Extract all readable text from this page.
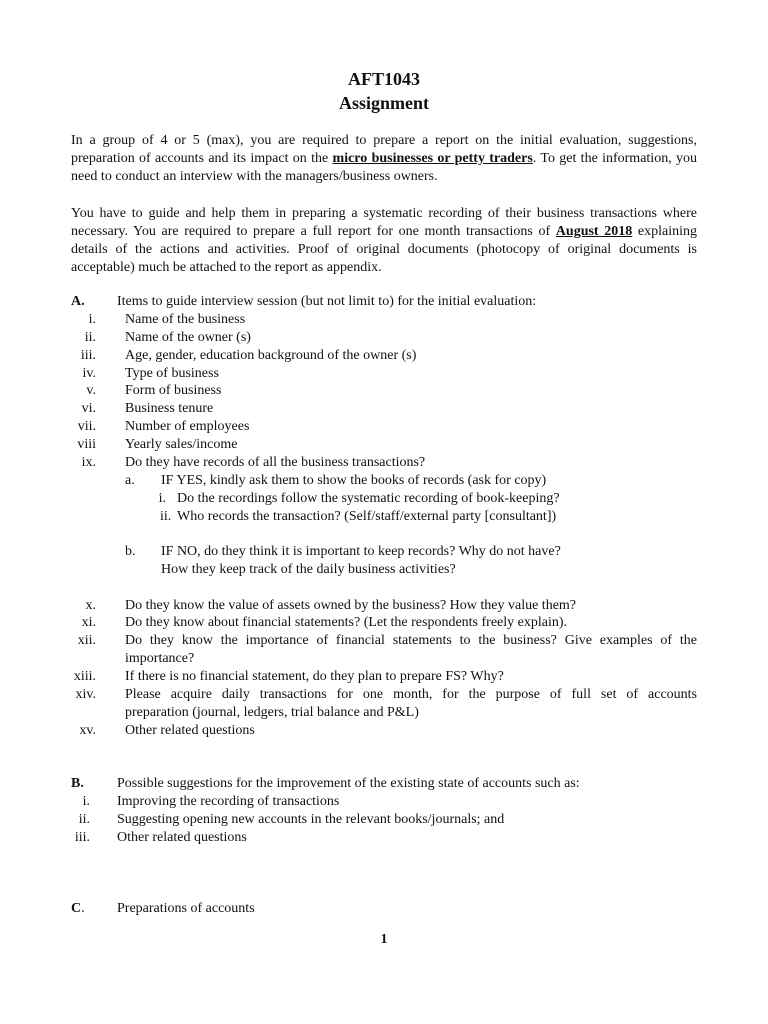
AFT1043
Assignment
In a group of 4 or 5 (max), you are required to prepare a report on the initial evaluation, suggestions, preparation of accounts and its impact on the micro businesses or petty traders. To get the information, you need to conduct an interview with the managers/business owners.
You have to guide and help them in preparing a systematic recording of their business transactions where necessary. You are required to prepare a full report for one month transactions of August 2018 explaining details of the actions and activities. Proof of original documents (photocopy of original documents is acceptable) much be attached to the report as appendix.
A. Items to guide interview session (but not limit to) for the initial evaluation:
i. Name of the business
ii. Name of the owner (s)
iii. Age, gender, education background of the owner (s)
iv. Type of business
v. Form of business
vi. Business tenure
vii. Number of employees
viii Yearly sales/income
ix. Do they have records of all the business transactions?
a. IF YES, kindly ask them to show the books of records (ask for copy)
i. Do the recordings follow the systematic recording of book-keeping?
ii. Who records the transaction? (Self/staff/external party [consultant])
b. IF NO, do they think it is important to keep records? Why do not have?
How they keep track of the daily business activities?
x. Do they know the value of assets owned by the business? How they value them?
xi. Do they know about financial statements? (Let the respondents freely explain).
xii. Do they know the importance of financial statements to the business? Give examples of the
importance?
xiii. If there is no financial statement, do they plan to prepare FS? Why?
xiv. Please acquire daily transactions for one month, for the purpose of full set of accounts
preparation (journal, ledgers, trial balance and P&L)
xv. Other related questions
B. Possible suggestions for the improvement of the existing state of accounts such as:
i. Improving the recording of transactions
ii. Suggesting opening new accounts in the relevant books/journals; and
iii. Other related questions
C. Preparations of accounts
1
